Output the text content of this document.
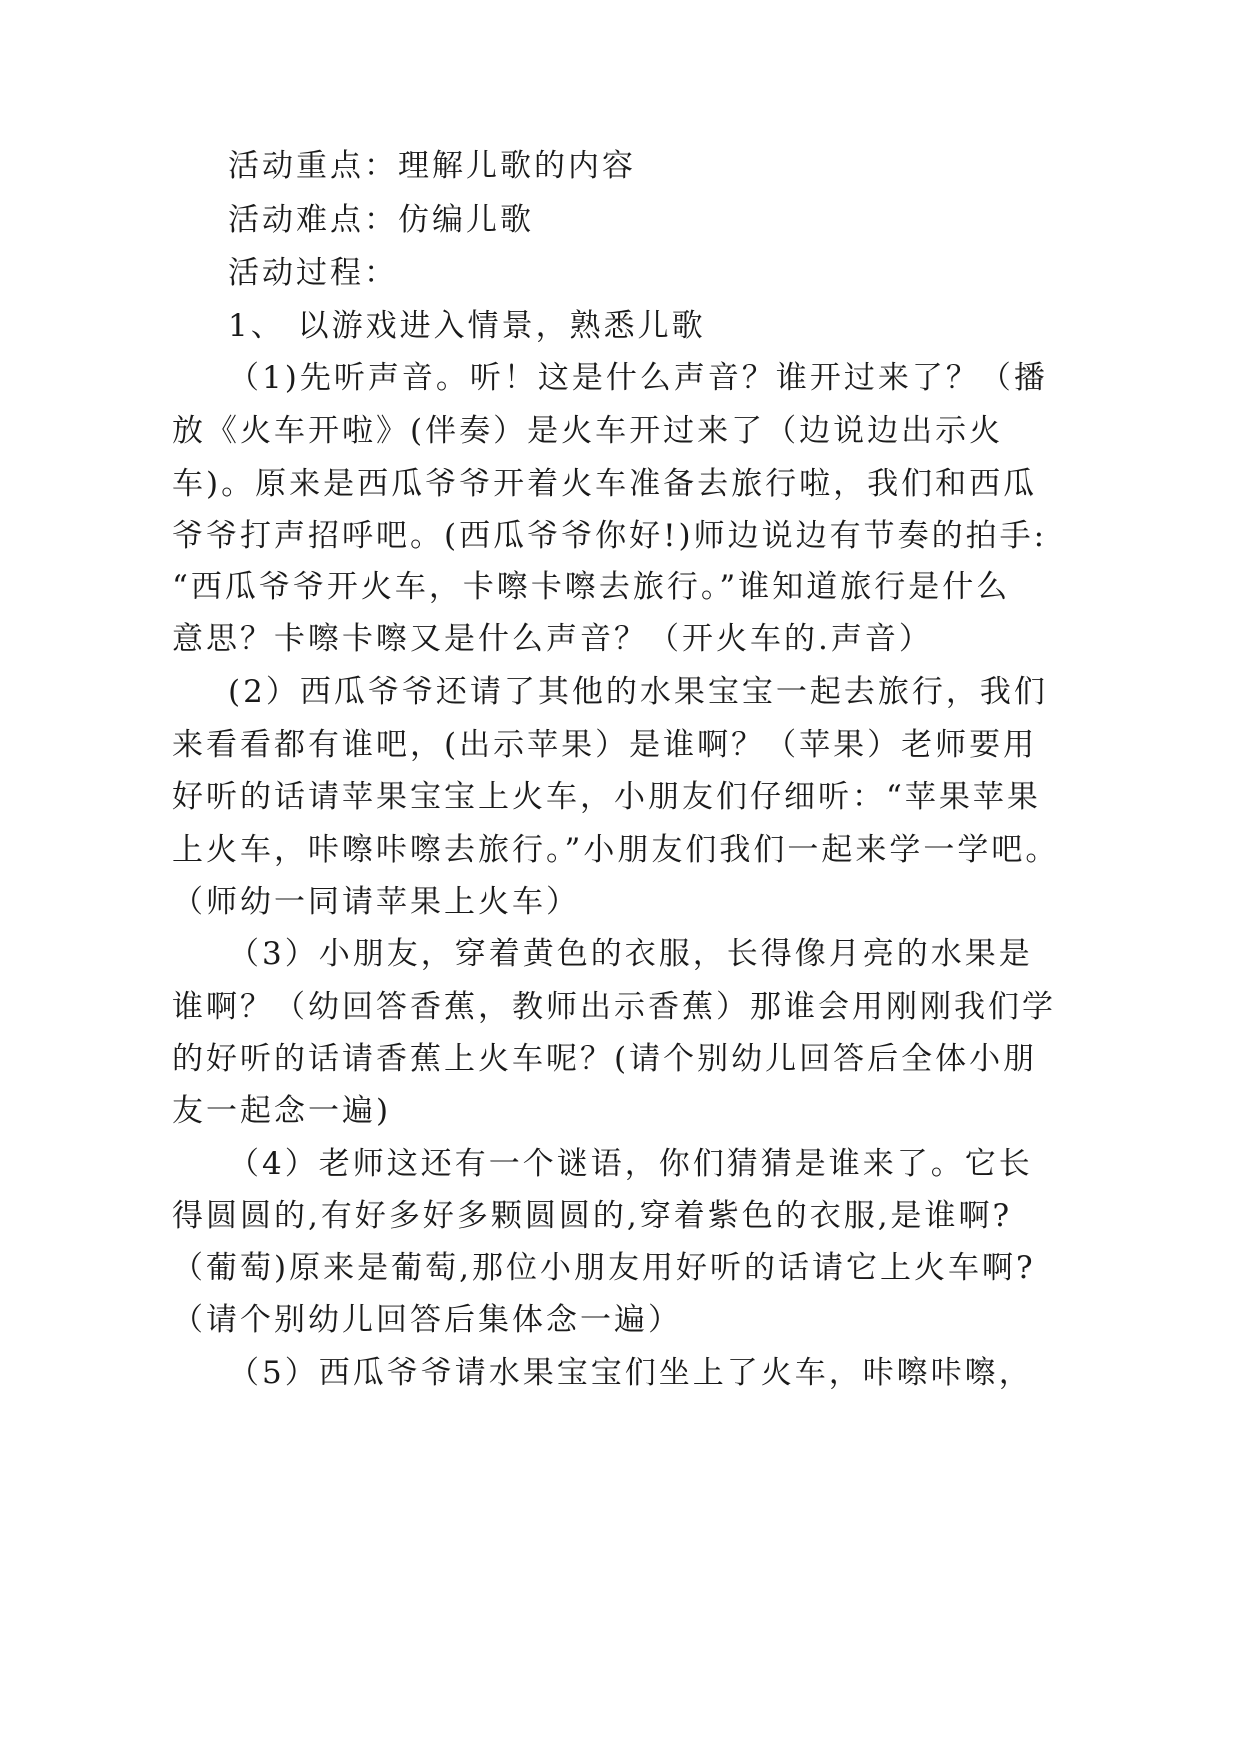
活动重点：理解儿歌的内容
活动难点：仿编儿歌
活动过程：
1、 以游戏进入情景，熟悉儿歌
（1)先听声音。听！这是什么声音？谁开过来了？（播
放《火车开啦》(伴奏）是火车开过来了（边说边出示火
车)。原来是西瓜爷爷开着火车准备去旅行啦，我们和西瓜
爷爷打声招呼吧。(西瓜爷爷你好!)师边说边有节奏的拍手:
“西瓜爷爷开火车，卡嚓卡嚓去旅行。”谁知道旅行是什么
意思？卡嚓卡嚓又是什么声音？（开火车的.声音）
(2）西瓜爷爷还请了其他的水果宝宝一起去旅行，我们
来看看都有谁吧，(出示苹果）是谁啊？（苹果）老师要用
好听的话请苹果宝宝上火车，小朋友们仔细听：“苹果苹果
上火车，咔嚓咔嚓去旅行。”小朋友们我们一起来学一学吧。
（师幼一同请苹果上火车）
（3）小朋友，穿着黄色的衣服，长得像月亮的水果是
谁啊？（幼回答香蕉，教师出示香蕉）那谁会用刚刚我们学
的好听的话请香蕉上火车呢？(请个别幼儿回答后全体小朋
友一起念一遍)
（4）老师这还有一个谜语，你们猜猜是谁来了。它长
得圆圆的,有好多好多颗圆圆的,穿着紫色的衣服,是谁啊?
（葡萄)原来是葡萄,那位小朋友用好听的话请它上火车啊?
（请个别幼儿回答后集体念一遍）
（5）西瓜爷爷请水果宝宝们坐上了火车，咔嚓咔嚓，
